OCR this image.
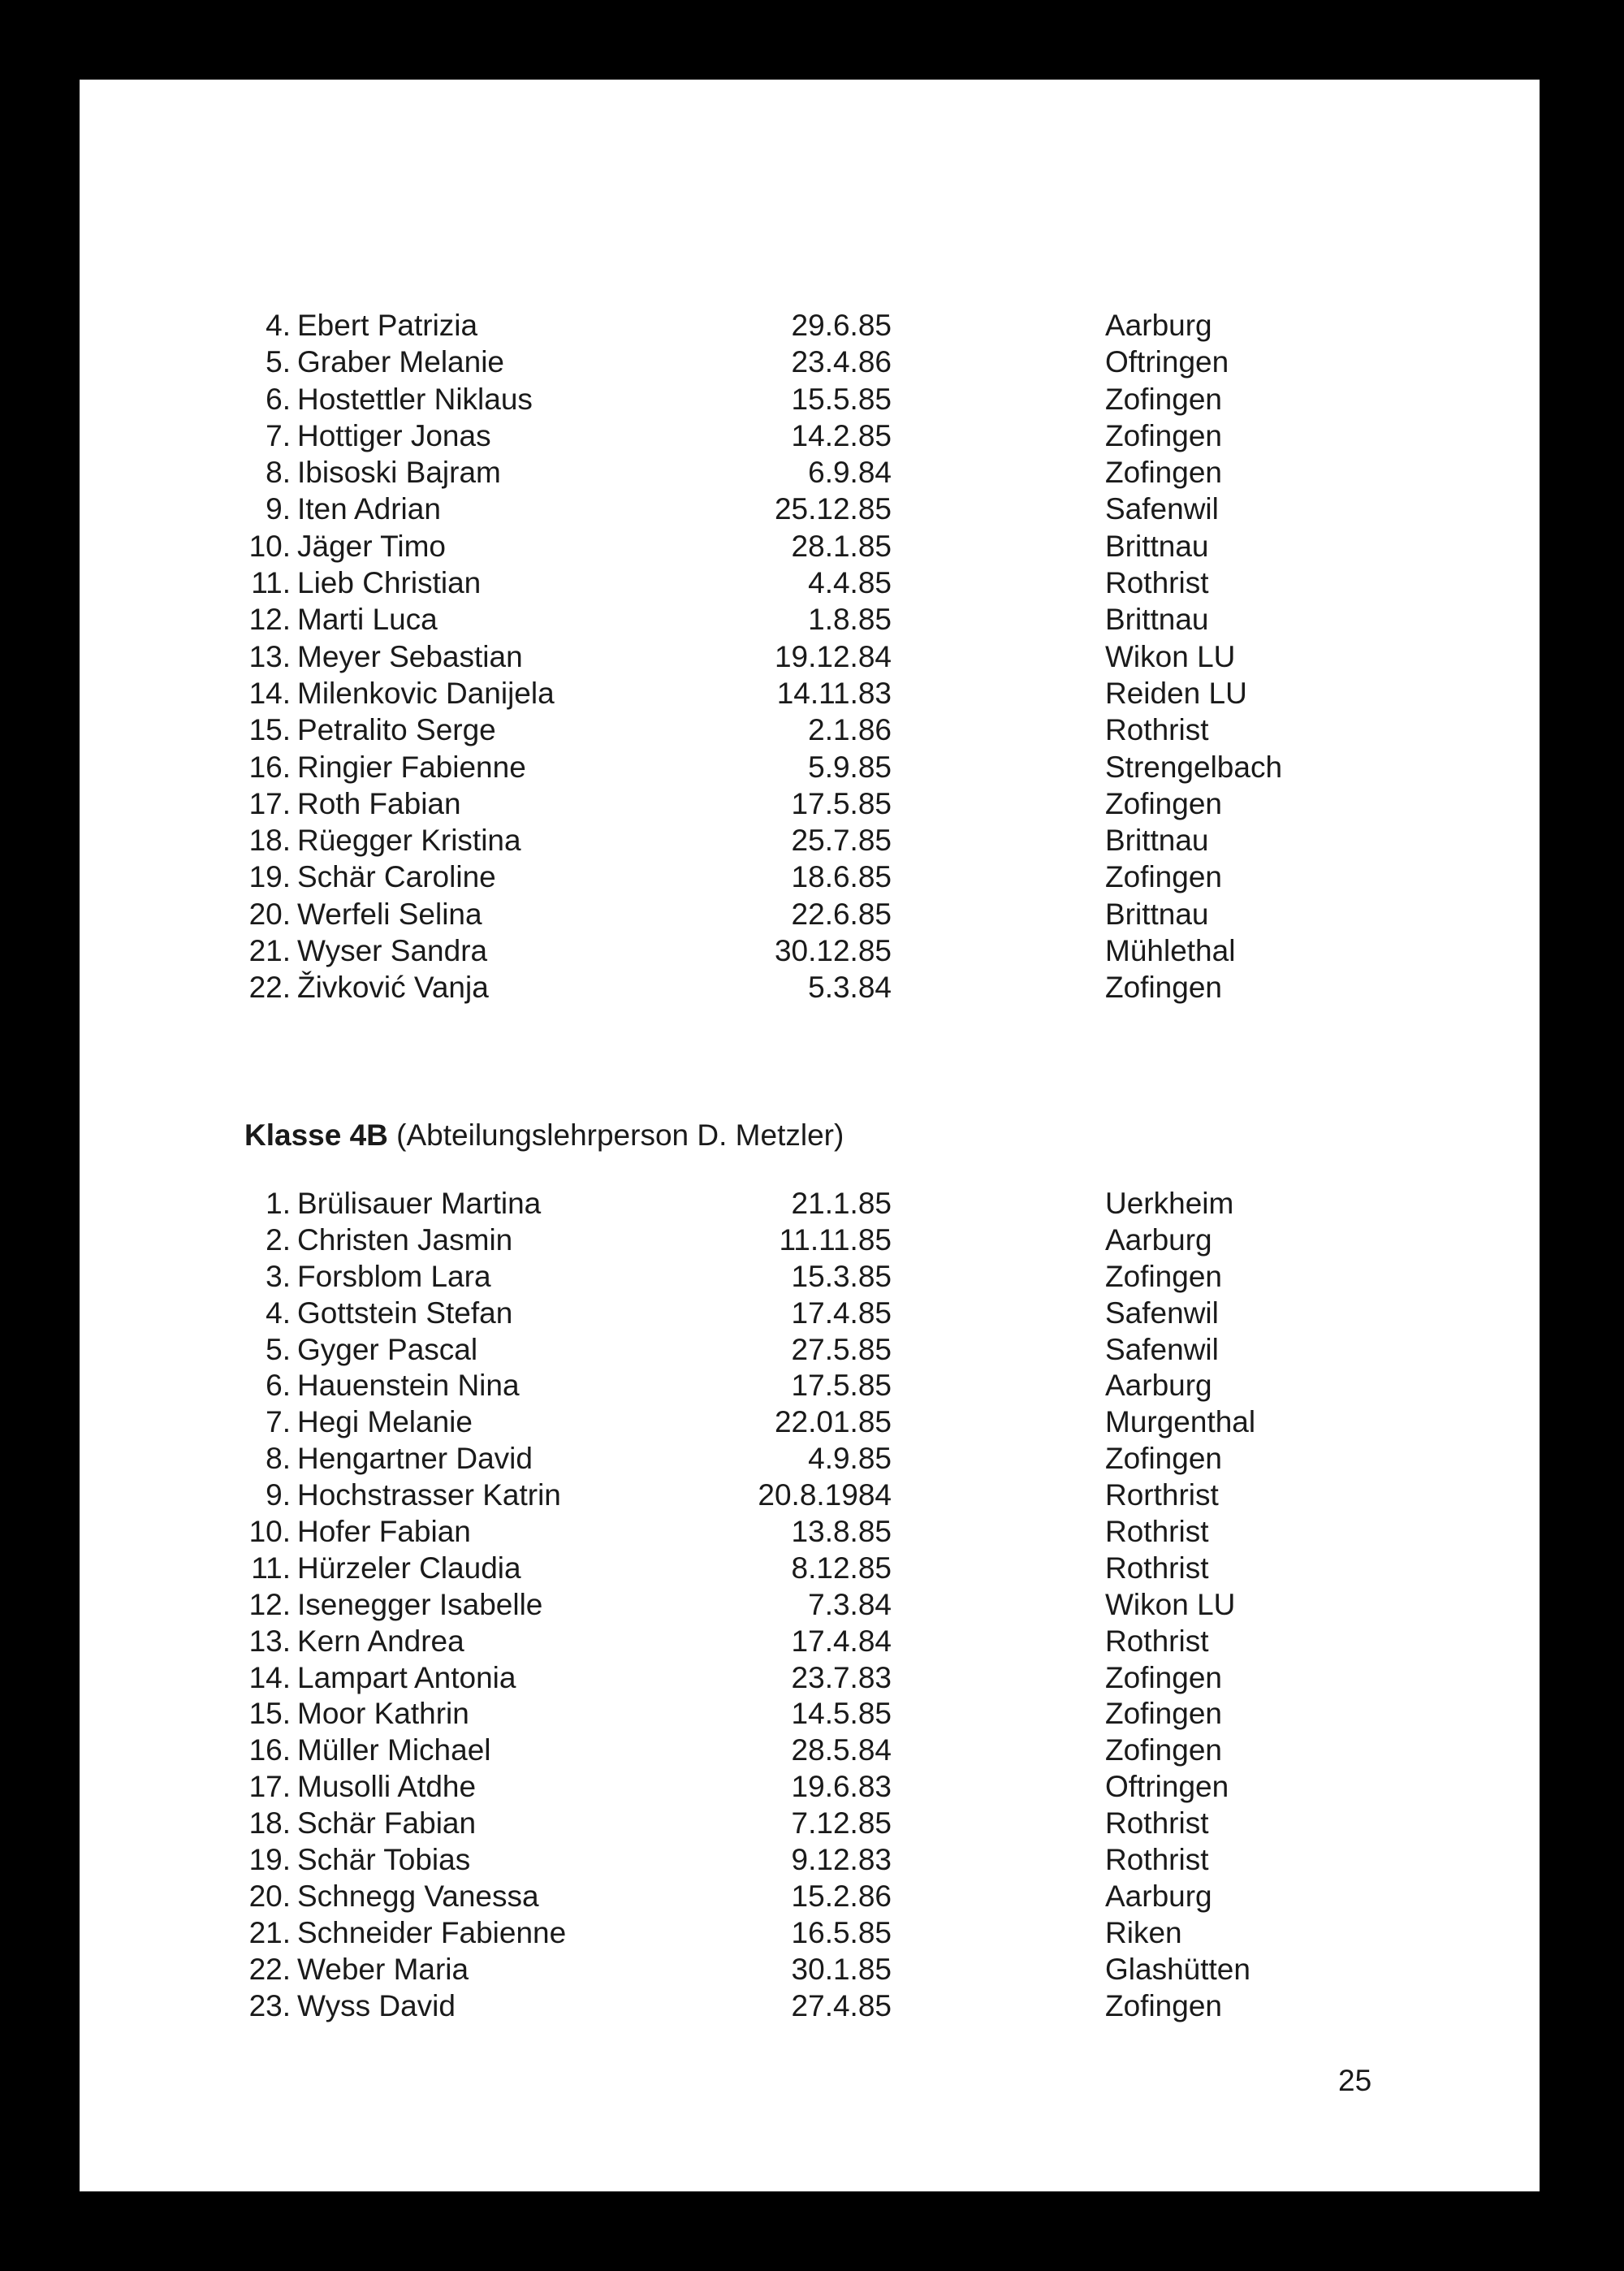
4. Ebert Patrizia	29.6.85	Aarburg
5. Graber Melanie	23.4.86	Oftringen
6. Hostettler Niklaus	15.5.85	Zofingen
7. Hottiger Jonas	14.2.85	Zofingen
8. Ibisoski Bajram	6.9.84	Zofingen
9. Iten Adrian	25.12.85	Safenwil
10. Jäger Timo	28.1.85	Brittnau
11. Lieb Christian	4.4.85	Rothrist
12. Marti Luca	1.8.85	Brittnau
13. Meyer Sebastian	19.12.84	Wikon LU
14. Milenkovic Danijela	14.11.83	Reiden LU
15. Petralito Serge	2.1.86	Rothrist
16. Ringier Fabienne	5.9.85	Strengelbach
17. Roth Fabian	17.5.85	Zofingen
18. Rüegger Kristina	25.7.85	Brittnau
19. Schär Caroline	18.6.85	Zofingen
20. Werfeli Selina	22.6.85	Brittnau
21. Wyser Sandra	30.12.85	Mühlethal
22. Živković Vanja	5.3.84	Zofingen
Klasse 4B (Abteilungslehrperson D. Metzler)
1. Brülisauer Martina	21.1.85	Uerkheim
2. Christen Jasmin	11.11.85	Aarburg
3. Forsblom Lara	15.3.85	Zofingen
4. Gottstein Stefan	17.4.85	Safenwil
5. Gyger Pascal	27.5.85	Safenwil
6. Hauenstein Nina	17.5.85	Aarburg
7. Hegi Melanie	22.01.85	Murgenthal
8. Hengartner David	4.9.85	Zofingen
9. Hochstrasser Katrin	20.8.1984	Rorthrist
10. Hofer Fabian	13.8.85	Rothrist
11. Hürzeler Claudia	8.12.85	Rothrist
12. Isenegger Isabelle	7.3.84	Wikon LU
13. Kern Andrea	17.4.84	Rothrist
14. Lampart Antonia	23.7.83	Zofingen
15. Moor Kathrin	14.5.85	Zofingen
16. Müller Michael	28.5.84	Zofingen
17. Musolli Atdhe	19.6.83	Oftringen
18. Schär Fabian	7.12.85	Rothrist
19. Schär Tobias	9.12.83	Rothrist
20. Schnegg Vanessa	15.2.86	Aarburg
21. Schneider Fabienne	16.5.85	Riken
22. Weber Maria	30.1.85	Glashütten
23. Wyss David	27.4.85	Zofingen
25
